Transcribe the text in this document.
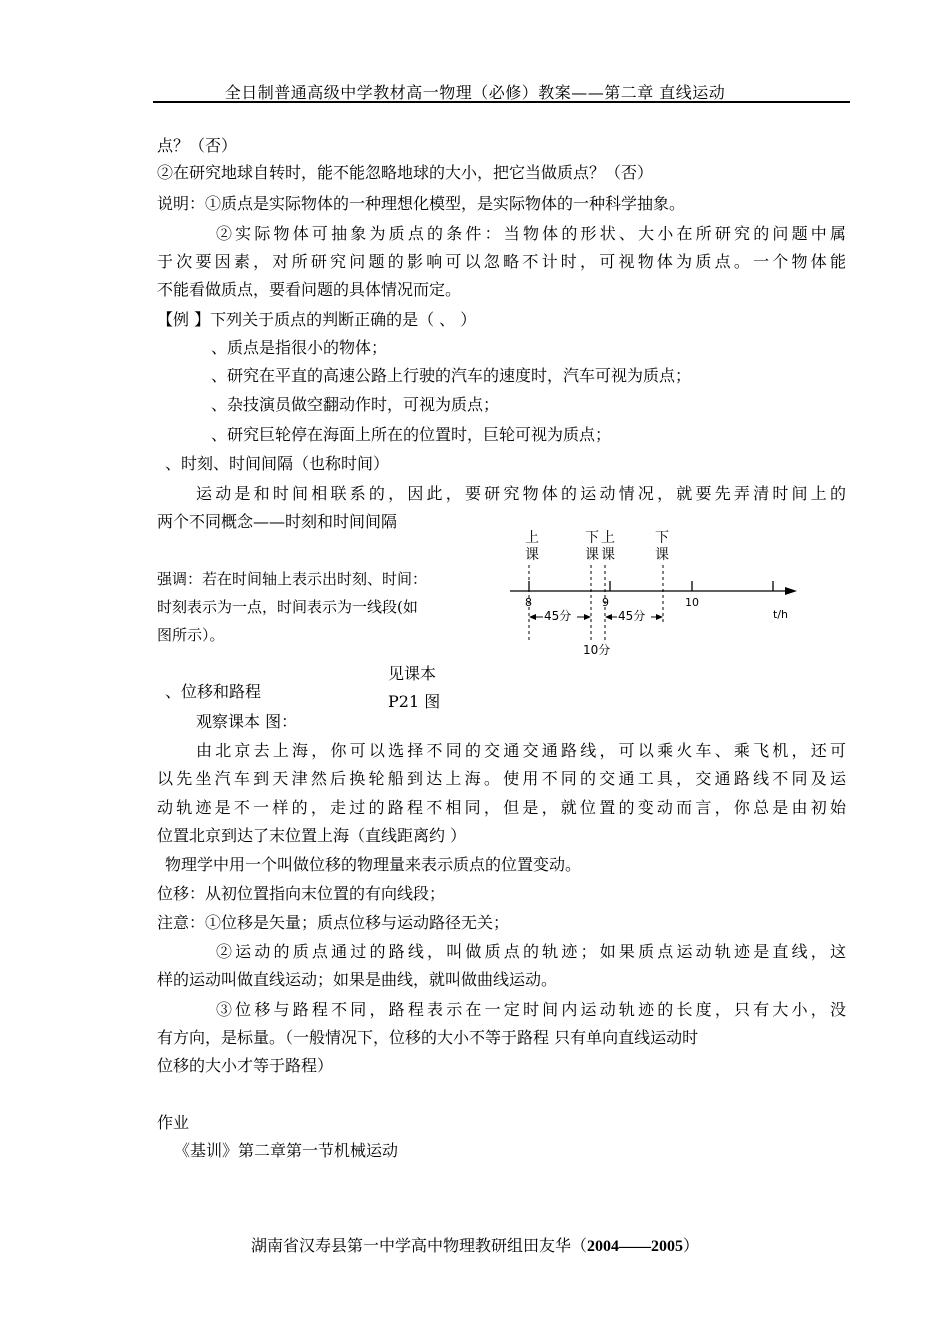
全日制普通高级中学教材高一物理（必修）教案——第二章 直线运动
点？（否）
②在研究地球自转时，能不能忽略地球的大小，把它当做质点？（否）
说明：①质点是实际物体的一种理想化模型，是实际物体的一种科学抽象。
②实际物体可抽象为质点的条件：当物体的形状、大小在所研究的问题中属
于次要因素，对所研究问题的影响可以忽略不计时，可视物体为质点。一个物体能
不能看做质点，要看问题的具体情况而定。
【例 】下列关于质点的判断正确的是（ 、 ）
、质点是指很小的物体；
、研究在平直的高速公路上行驶的汽车的速度时，汽车可视为质点；
、杂技演员做空翻动作时，可视为质点；
、研究巨轮停在海面上所在的位置时，巨轮可视为质点；
、时刻、时间间隔（也称时间）
运动是和时间相联系的，因此，要研究物体的运动情况，就要先弄清时间上的
两个不同概念——时刻和时间间隔
强调：若在时间轴上表示出时刻、时间：
时刻表示为一点，时间表示为一线段(如
图所示）。
上
课
下
课
上
课
下
课
8	9	10
t/h
45分	45分
10分
见课本
P21 图
、位移和路程
观察课本 图：
由北京去上海，你可以选择不同的交通交通路线，可以乘火车、乘飞机，还可
以先坐汽车到天津然后换轮船到达上海。使用不同的交通工具，交通路线不同及运
动轨迹是不一样的，走过的路程不相同，但是，就位置的变动而言，你总是由初始
位置北京到达了末位置上海（直线距离约 ）
物理学中用一个叫做位移的物理量来表示质点的位置变动。
位移：从初位置指向末位置的有向线段；
注意：①位移是矢量；质点位移与运动路径无关；
②运动的质点通过的路线，叫做质点的轨迹；如果质点运动轨迹是直线，这
样的运动叫做直线运动；如果是曲线，就叫做曲线运动。
③位移与路程不同，路程表示在一定时间内运动轨迹的长度，只有大小，没
有方向，是标量。（一般情况下，位移的大小不等于路程 只有单向直线运动时
位移的大小才等于路程）
作业
《基训》第二章第一节机械运动
湖南省汉寿县第一中学高中物理教研组田友华（2004——2005）
